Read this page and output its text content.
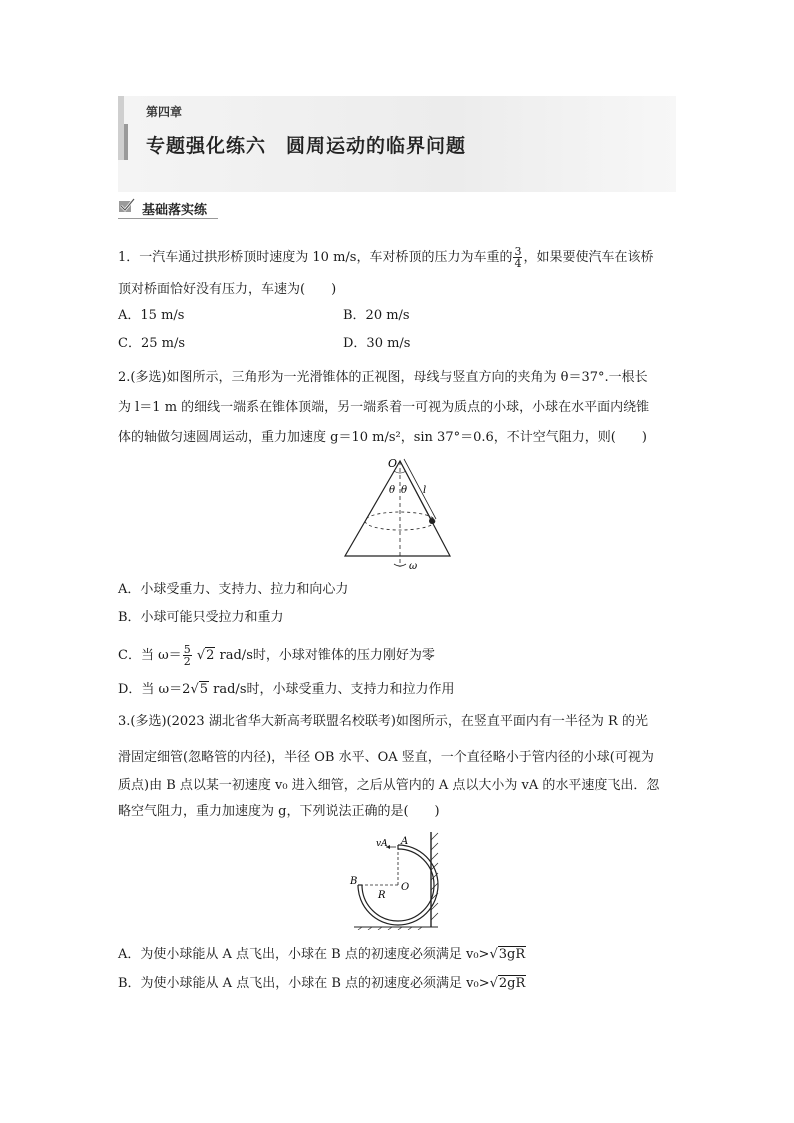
第四章
专题强化练六　圆周运动的临界问题
基础落实练
1．一汽车通过拱形桥顶时速度为 10 m/s，车对桥顶的压力为车重的 $\frac{3}{4}$ ，如果要使汽车在该桥
顶对桥面恰好没有压力，车速为(　　)
A．15 m/s	B．20 m/s
C．25 m/s	D．30 m/s
2.(多选)如图所示，三角形为一光滑锥体的正视图，母线与竖直方向的夹角为 θ＝37°.一根长
为 l＝1 m 的细线一端系在锥体顶端，另一端系着一可视为质点的小球，小球在水平面内绕锥
体的轴做匀速圆周运动，重力加速度 g＝10 m/s²，sin 37°＝0.6，不计空气阻力，则(　　)
O
θ θ l
ω
A．小球受重力、支持力、拉力和向心力
B．小球可能只受拉力和重力
C．当 $\omega= \frac{5}{2} √2$ rad/s时，小球对锥体的压力刚好为零
D．当 ω＝2√5 rad/s时，小球受重力、支持力和拉力作用
3.(多选)(2023 湖北省华大新高考联盟名校联考)如图所示，在竖直平面内有一半径为 R 的光
滑固定细管(忽略管的内径)，半径 OB 水平、OA 竖直，一个直径略小于管内径的小球(可视为
质点)由 B 点以某一初速度 v₀ 进入细管，之后从管内的 A 点以大小为 vA 的水平速度飞出．忽
略空气阻力，重力加速度为 g，下列说法正确的是(　　)
vA A
B
O
R
A．为使小球能从 A 点飞出，小球在 B 点的初速度必须满足 v₀>√3gR
B．为使小球能从 A 点飞出，小球在 B 点的初速度必须满足 v₀>√2gR
